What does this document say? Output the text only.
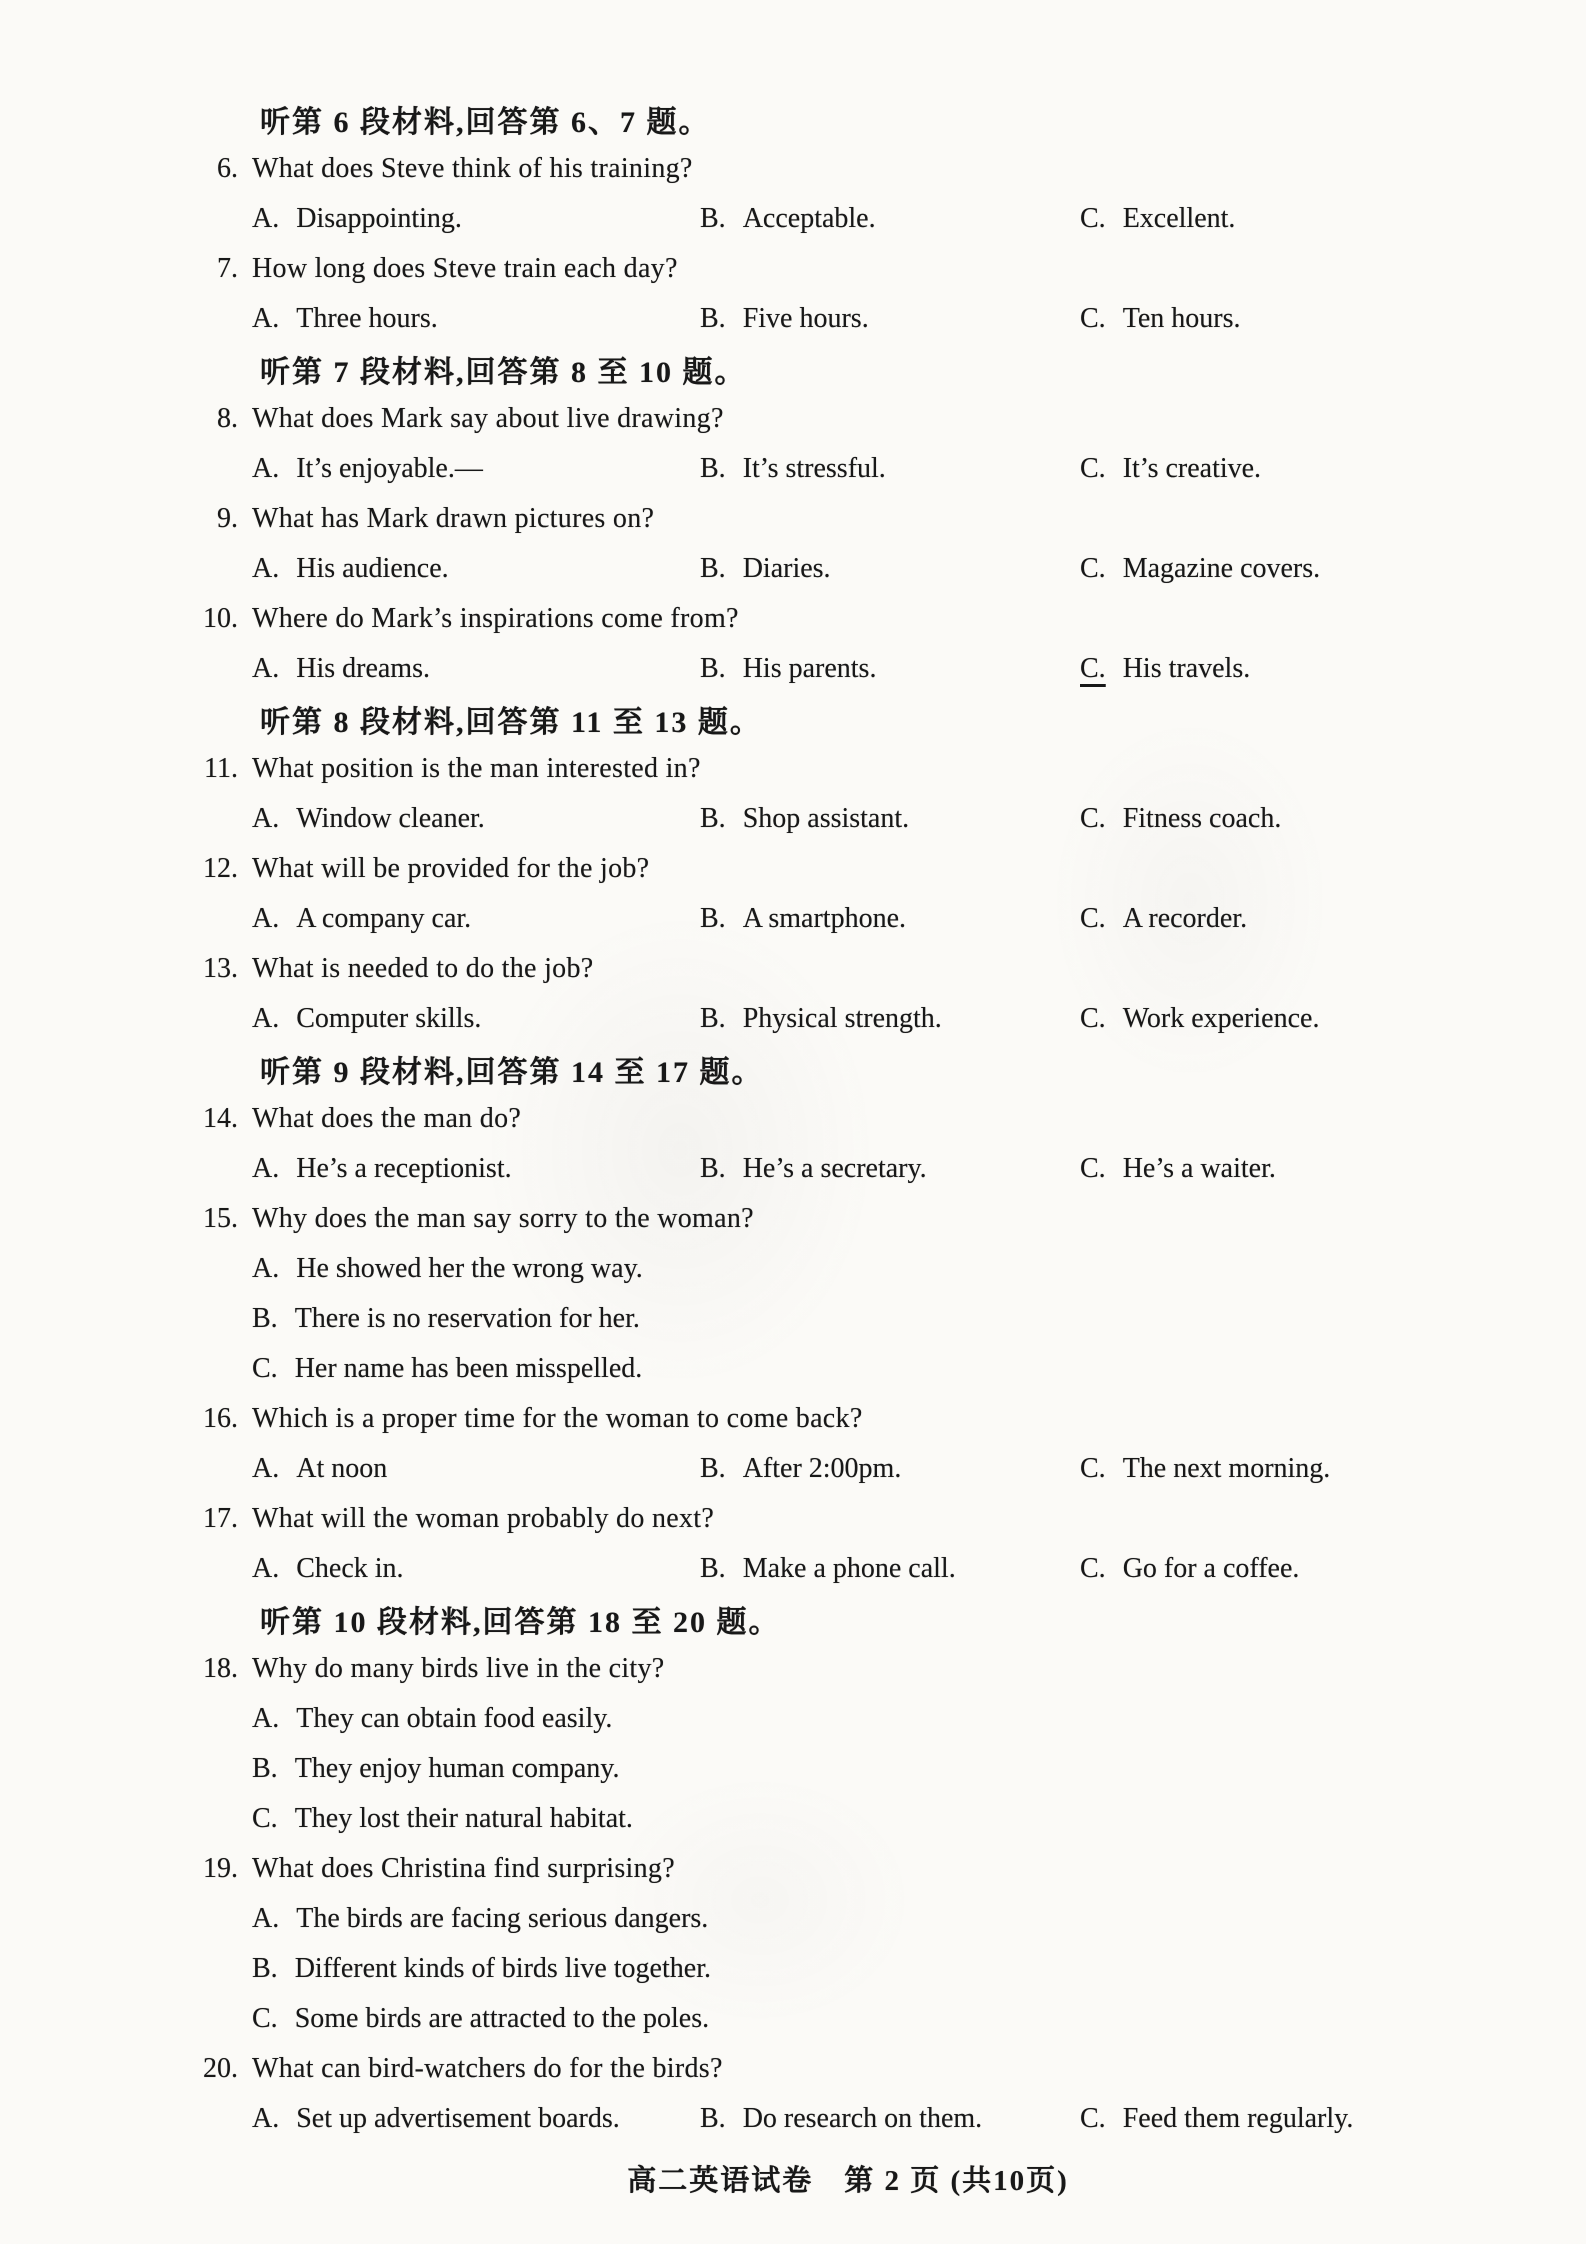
听第 6 段材料,回答第 6、7 题。
6. What does Steve think of his training?
A. Disappointing.	B. Acceptable.	C. Excellent.
7. How long does Steve train each day?
A. Three hours.	B. Five hours.	C. Ten hours.
听第 7 段材料,回答第 8 至 10 题。
8. What does Mark say about live drawing?
A. It’s enjoyable.—	B. It’s stressful.	C. It’s creative.
9. What has Mark drawn pictures on?
A. His audience.	B. Diaries.	C. Magazine covers.
10. Where do Mark’s inspirations come from?
A. His dreams.	B. His parents.	C. His travels.
听第 8 段材料,回答第 11 至 13 题。
11. What position is the man interested in?
A. Window cleaner.	B. Shop assistant.	C. Fitness coach.
12. What will be provided for the job?
A. A company car.	B. A smartphone.	C. A recorder.
13. What is needed to do the job?
A. Computer skills.	B. Physical strength.	C. Work experience.
听第 9 段材料,回答第 14 至 17 题。
14. What does the man do?
A. He’s a receptionist.	B. He’s a secretary.	C. He’s a waiter.
15. Why does the man say sorry to the woman?
A. He showed her the wrong way.
B. There is no reservation for her.
C. Her name has been misspelled.
16. Which is a proper time for the woman to come back?
A. At noon	B. After 2:00pm.	C. The next morning.
17. What will the woman probably do next?
A. Check in.	B. Make a phone call.	C. Go for a coffee.
听第 10 段材料,回答第 18 至 20 题。
18. Why do many birds live in the city?
A. They can obtain food easily.
B. They enjoy human company.
C. They lost their natural habitat.
19. What does Christina find surprising?
A. The birds are facing serious dangers.
B. Different kinds of birds live together.
C. Some birds are attracted to the poles.
20. What can bird-watchers do for the birds?
A. Set up advertisement boards.	B. Do research on them.	C. Feed them regularly.
高二英语试卷　第 2 页 (共10页)
